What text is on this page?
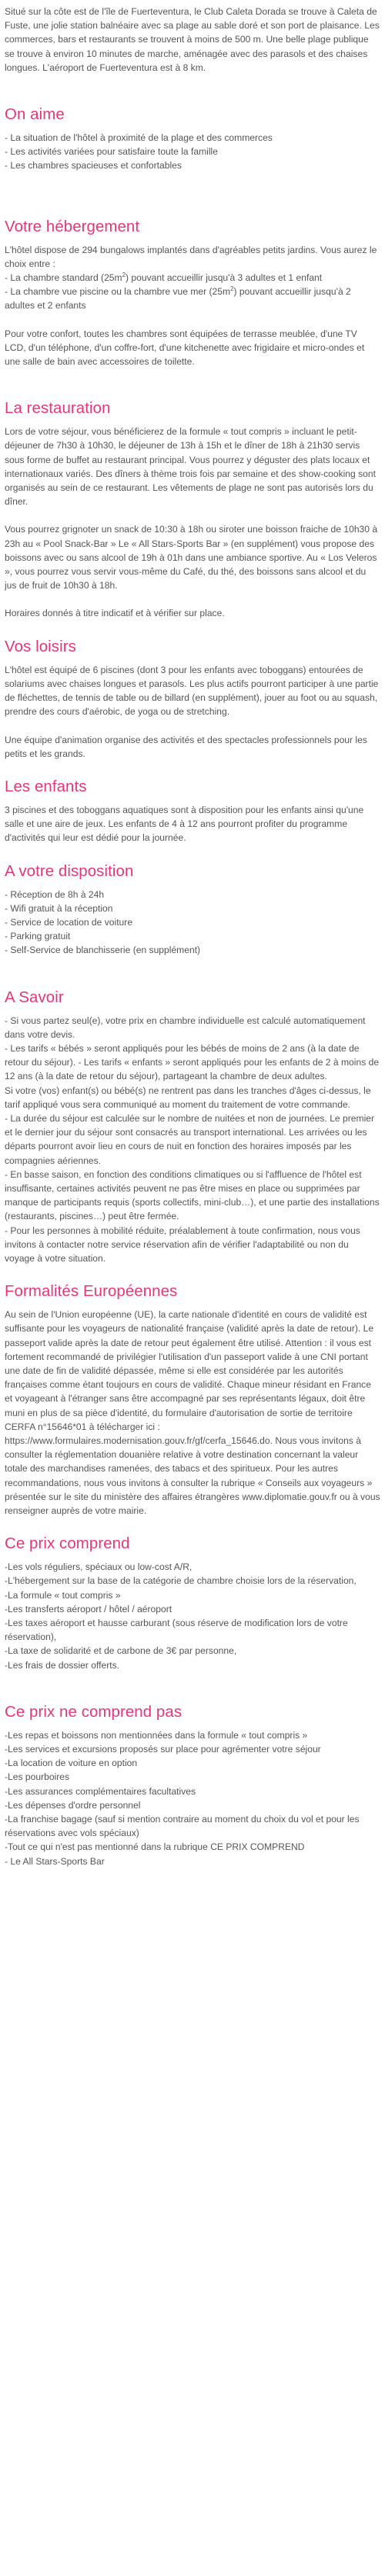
Situé sur la côte est de l'île de Fuerteventura, le Club Caleta Dorada se trouve à Caleta de Fuste, une jolie station balnéaire avec sa plage au sable doré et son port de plaisance. Les commerces, bars et restaurants se trouvent à moins de 500 m. Une belle plage publique se trouve à environ 10 minutes de marche, aménagée avec des parasols et des chaises longues. L'aéroport de Fuerteventura est à 8 km.

On aime
- La situation de l'hôtel à proximité de la plage et des commerces
- Les activités variées pour satisfaire toute la famille
- Les chambres spacieuses et confortables
Votre hébergement

L'hôtel dispose de 294 bungalows implantés dans d'agréables petits jardins. Vous aurez le choix entre :

- La chambre standard $(25m^2)$ pouvant accueillir jusqu'à 3 adultes et 1 enfant

- La chambre vue piscine ou la chambre vue mer $(25m^2)$ pouvant accueillir jusqu'à 2 adultes et 2 enfants

Pour votre confort, toutes les chambres sont équipées de terrasse meublée, d'une TV LCD, d'un téléphone, d'un coffre-fort, d'une kitchenette avec frigidaire et micro-ondes et une salle de bain avec accessoires de toilette.

La restauration

Lors de votre séjour, vous bénéficierez de la formule « tout compris » incluant le petit-déjeuner de 7h30 à 10h30, le déjeuner de 13h à 15h et le dîner de 18h à 21h30 servis sous forme de buffet au restaurant principal. Vous pourrez y déguster des plats locaux et internationaux variés. Des dîners à thème trois fois par semaine et des show-cooking sont organisés au sein de ce restaurant. Les vêtements de plage ne sont pas autorisés lors du dîner.

Vous pourrez grignoter un snack de 10:30 à 18h ou siroter une boisson fraiche de 10h30 à 23h au « Pool Snack-Bar » Le « All Stars-Sports Bar » (en supplément) vous propose des boissons avec ou sans alcool de 19h à 01h dans une ambiance sportive. Au « Los Veleros », vous pourrez vous servir vous-même du Café, du thé, des boissons sans alcool et du jus de fruit de 10h30 à 18h.

Horaires donnés à titre indicatif et à vérifier sur place.

Vos loisirs

L'hôtel est équipé de 6 piscines (dont 3 pour les enfants avec toboggans) entourées de solariums avec chaises longues et parasols. Les plus actifs pourront participer à une partie de fléchettes, de tennis de table ou de billard (en supplément), jouer au foot ou au squash, prendre des cours d'aérobic, de yoga ou de stretching.

Une équipe d'animation organise des activités et des spectacles professionnels pour les petits et les grands.

Les enfants

3 piscines et des toboggans aquatiques sont à disposition pour les enfants ainsi qu'une salle et une aire de jeux. Les enfants de 4 à 12 ans pourront profiter du programme d'activités qui leur est dédié pour la journée.

A votre disposition
- Réception de 8h à 24h
- Wifi gratuit à la réception
- Service de location de voiture
- Parking gratuit
- Self-Service de blanchisserie (en supplément)
A Savoir
- Si vous partez seul(e), votre prix en chambre individuelle est calculé automatiquement dans votre devis.
- Les tarifs « bébés » seront appliqués pour les bébés de moins de 2 ans (à la date de retour du séjour). - Les tarifs « enfants » seront appliqués pour les enfants de 2 à moins de 12 ans (à la date de retour du séjour), partageant la chambre de deux adultes.
Si votre (vos) enfant(s) ou bébé(s) ne rentrent pas dans les tranches d'âges ci-dessus, le tarif appliqué vous sera communiqué au moment du traitement de votre commande.
- La durée du séjour est calculée sur le nombre de nuitées et non de journées. Le premier et le dernier jour du séjour sont consacrés au transport international. Les arrivées ou les départs pourront avoir lieu en cours de nuit en fonction des horaires imposés par les compagnies aériennes.
- En basse saison, en fonction des conditions climatiques ou si l'affluence de l'hôtel est insuffisante, certaines activités peuvent ne pas être mises en place ou supprimées par manque de participants requis (sports collectifs, mini-club…), et une partie des installations (restaurants, piscines…) peut être fermée.
- Pour les personnes à mobilité réduite, préalablement à toute confirmation, nous vous invitons à contacter notre service réservation afin de vérifier l'adaptabilité ou non du voyage à votre situation.
Formalités Européennes

Au sein de l'Union européenne (UE), la carte nationale d'identité en cours de validité est suffisante pour les voyageurs de nationalité française (validité après la date de retour). Le passeport valide après la date de retour peut également être utilisé. Attention : il vous est fortement recommandé de privilégier l'utilisation d'un passeport valide à une CNI portant une date de fin de validité dépassée, même si elle est considérée par les autorités françaises comme étant toujours en cours de validité. Chaque mineur résidant en France et voyageant à l'étranger sans être accompagné par ses représentants légaux, doit être muni en plus de sa pièce d'identité, du formulaire d'autorisation de sortie de territoire CERFA n°15646*01 à télécharger ici : https://www.formulaires.modernisation.gouv.fr/gf/cerfa_15646.do. Nous vous invitons à consulter la réglementation douanière relative à votre destination concernant la valeur totale des marchandises ramenées, des tabacs et des spiritueux. Pour les autres recommandations, nous vous invitons à consulter la rubrique « Conseils aux voyageurs » présentée sur le site du ministère des affaires étrangères www.diplomatie.gouv.fr ou à vous renseigner auprès de votre mairie.

Ce prix comprend
-Les vols réguliers, spéciaux ou low-cost A/R,
-L'hébergement sur la base de la catégorie de chambre choisie lors de la réservation,
-La formule « tout compris »
-Les transferts aéroport / hôtel / aéroport
-Les taxes aéroport et hausse carburant (sous réserve de modification lors de votre réservation),
-La taxe de solidarité et de carbone de 3€ par personne,
-Les frais de dossier offerts.
Ce prix ne comprend pas
-Les repas et boissons non mentionnées dans la formule « tout compris »
-Les services et excursions proposés sur place pour agrémenter votre séjour
-La location de voiture en option
-Les pourboires
-Les assurances complémentaires facultatives
-Les dépenses d'ordre personnel
-La franchise bagage (sauf si mention contraire au moment du choix du vol et pour les réservations avec vols spéciaux)
-Tout ce qui n'est pas mentionné dans la rubrique CE PRIX COMPREND
- Le All Stars-Sports Bar
